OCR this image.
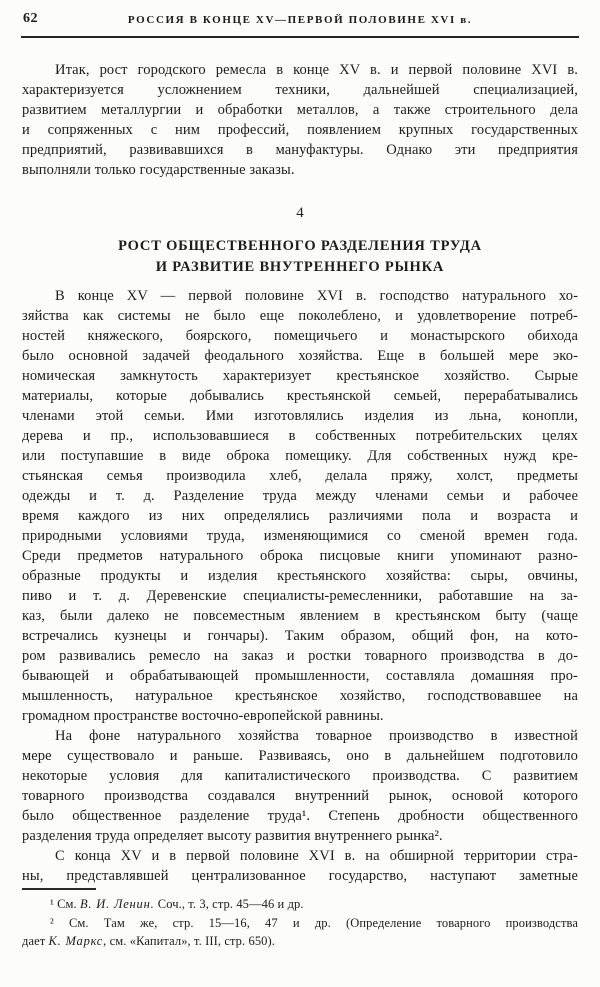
62	РОССИЯ В КОНЦЕ XV—ПЕРВОЙ ПОЛОВИНЕ XVI в.
Итак, рост городского ремесла в конце XV в. и первой половине XVI в.
характеризуется усложнением техники, дальнейшей специализацией,
развитием металлургии и обработки металлов, а также строительного дела
и сопряженных с ним профессий, появлением крупных государственных
предприятий, развивавшихся в мануфактуры. Однако эти предприятия
выполняли только государственные заказы.
4
РОСТ ОБЩЕСТВЕННОГО РАЗДЕЛЕНИЯ ТРУДА
И РАЗВИТИЕ ВНУТРЕННЕГО РЫНКА
В конце XV — первой половине XVI в. господство натурального хо-
зяйства как системы не было еще поколеблено, и удовлетворение потреб-
ностей княжеского, боярского, помещичьего и монастырского обихода
было основной задачей феодального хозяйства. Еще в большей мере эко-
номическая замкнутость характеризует крестьянское хозяйство. Сырые
материалы, которые добывались крестьянской семьей, перерабатывались
членами этой семьи. Ими изготовлялись изделия из льна, конопли,
дерева и пр., использовавшиеся в собственных потребительских целях
или поступавшие в виде оброка помещику. Для собственных нужд кре-
стьянская семья производила хлеб, делала пряжу, холст, предметы
одежды и т. д. Разделение труда между членами семьи и рабочее
время каждого из них определялись различиями пола и возраста и
природными условиями труда, изменяющимися со сменой времен года.
Среди предметов натурального оброка писцовые книги упоминают разно-
образные продукты и изделия крестьянского хозяйства: сыры, овчины,
пиво и т. д. Деревенские специалисты-ремесленники, работавшие на за-
каз, были далеко не повсеместным явлением в крестьянском быту (чаще
встречались кузнецы и гончары). Таким образом, общий фон, на кото-
ром развивались ремесло на заказ и ростки товарного производства в до-
бывающей и обрабатывающей промышленности, составляла домашняя про-
мышленность, натуральное крестьянское хозяйство, господствовавшее на
громадном пространстве восточно-европейской равнины.
На фоне натурального хозяйства товарное производство в известной
мере существовало и раньше. Развиваясь, оно в дальнейшем подготовило
некоторые условия для капиталистического производства. С развитием
товарного производства создавался внутренний рынок, основой которого
было общественное разделение труда¹. Степень дробности общественного
разделения труда определяет высоту развития внутреннего рынка².
С конца XV и в первой половине XVI в. на обширной территории стра-
ны, представлявшей централизованное государство, наступают заметные
¹ См. В. И. Ленин. Соч., т. 3, стр. 45—46 и др.
² См. Там же, стр. 15—16, 47 и др. (Определение товарного производства
дает К. Маркс, см. «Капитал», т. III, стр. 650).
